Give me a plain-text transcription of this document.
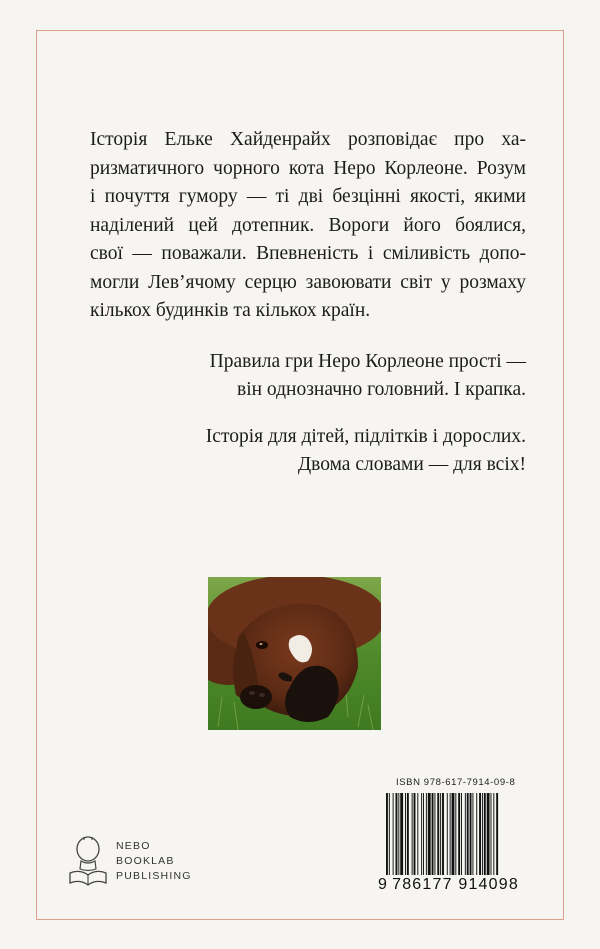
Історія Ельке Хайденрайх розповідає про ха-
ризматичного чорного кота Неро Корлеоне. Розум
і почуття гумору — ті дві безцінні якості, якими
наділений цей дотепник. Вороги його боялися,
свої — поважали. Впевненість і сміливість допо-
могли Лев’ячому серцю завоювати світ у розмаху
кількох будинків та кількох країн.
Правила гри Неро Корлеоне прості —
він однозначно головний. І крапка.
Історія для дітей, підлітків і дорослих.
Двома словами — для всіх!
NEBO
BOOKLAB
PUBLISHING
ISBN 978-617-7914-09-8
9 786177 914098
